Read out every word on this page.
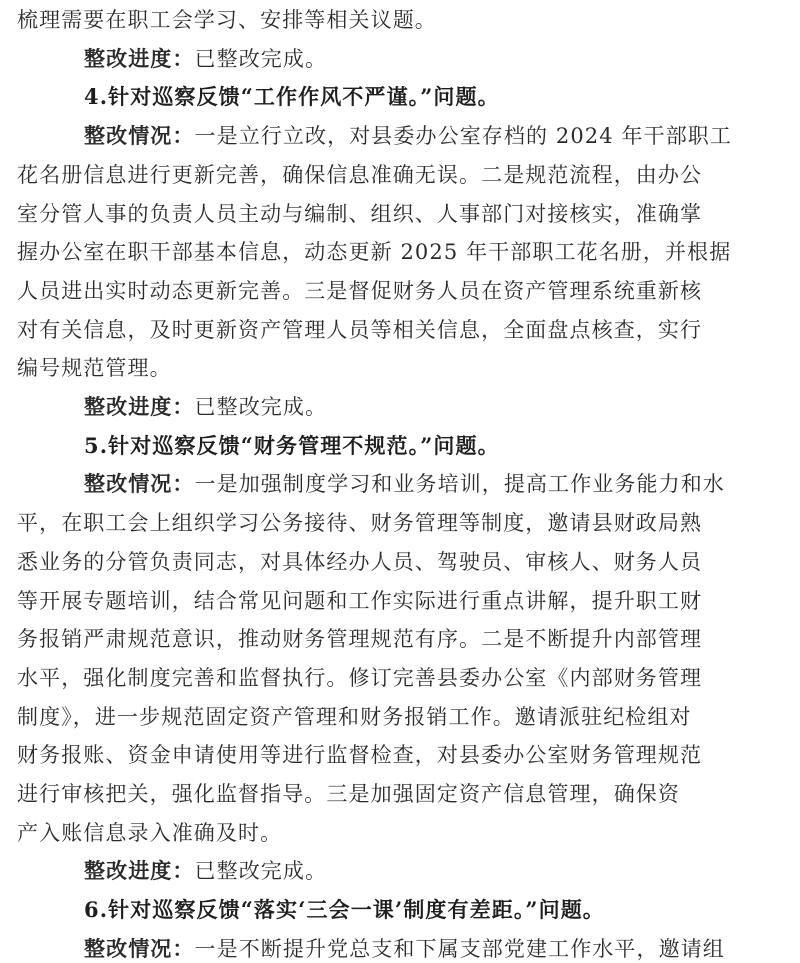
梳理需要在职工会学习、安排等相关议题。
整改进度：已整改完成。
4.针对巡察反馈“工作作风不严谨。”问题。
整改情况：一是立行立改，对县委办公室存档的 2024 年干部职工
花名册信息进行更新完善，确保信息准确无误。二是规范流程，由办公
室分管人事的负责人员主动与编制、组织、人事部门对接核实，准确掌
握办公室在职干部基本信息，动态更新 2025 年干部职工花名册，并根据
人员进出实时动态更新完善。三是督促财务人员在资产管理系统重新核
对有关信息，及时更新资产管理人员等相关信息，全面盘点核查，实行
编号规范管理。
整改进度：已整改完成。
5.针对巡察反馈“财务管理不规范。”问题。
整改情况：一是加强制度学习和业务培训，提高工作业务能力和水
平，在职工会上组织学习公务接待、财务管理等制度，邀请县财政局熟
悉业务的分管负责同志，对具体经办人员、驾驶员、审核人、财务人员
等开展专题培训，结合常见问题和工作实际进行重点讲解，提升职工财
务报销严肃规范意识，推动财务管理规范有序。二是不断提升内部管理
水平，强化制度完善和监督执行。修订完善县委办公室《内部财务管理
制度》，进一步规范固定资产管理和财务报销工作。邀请派驻纪检组对
财务报账、资金申请使用等进行监督检查，对县委办公室财务管理规范
进行审核把关，强化监督指导。三是加强固定资产信息管理，确保资
产入账信息录入准确及时。
整改进度：已整改完成。
6.针对巡察反馈“落实‘三会一课’制度有差距。”问题。
整改情况：一是不断提升党总支和下属支部党建工作水平，邀请组
